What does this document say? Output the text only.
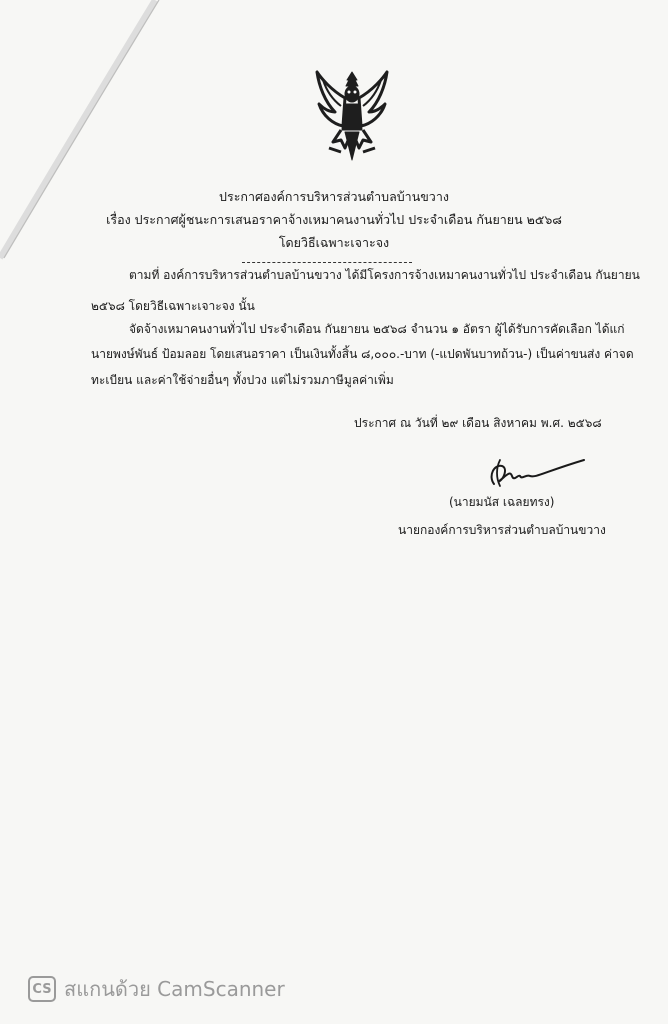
ประกาศองค์การบริหารส่วนตำบลบ้านขวาง
เรื่อง ประกาศผู้ชนะการเสนอราคาจ้างเหมาคนงานทั่วไป ประจำเดือน กันยายน ๒๕๖๘
โดยวิธีเฉพาะเจาะจง
ตามที่ องค์การบริหารส่วนตำบลบ้านขวาง ได้มีโครงการจ้างเหมาคนงานทั่วไป ประจำเดือน กันยายน
๒๕๖๘ โดยวิธีเฉพาะเจาะจง นั้น
จัดจ้างเหมาคนงานทั่วไป ประจำเดือน กันยายน ๒๕๖๘ จำนวน ๑ อัตรา ผู้ได้รับการคัดเลือก ได้แก่
นายพงษ์พันธ์ ป้อมลอย โดยเสนอราคา เป็นเงินทั้งสิ้น ๘,๐๐๐.-บาท (-แปดพันบาทถ้วน-) เป็นค่าขนส่ง ค่าจด
ทะเบียน และค่าใช้จ่ายอื่นๆ ทั้งปวง แต่ไม่รวมภาษีมูลค่าเพิ่ม
ประกาศ ณ วันที่ ๒๙ เดือน สิงหาคม พ.ศ. ๒๕๖๘
(นายมนัส เฉลยทรง)
นายกองค์การบริหารส่วนตำบลบ้านขวาง
CS สแกนด้วย CamScanner
